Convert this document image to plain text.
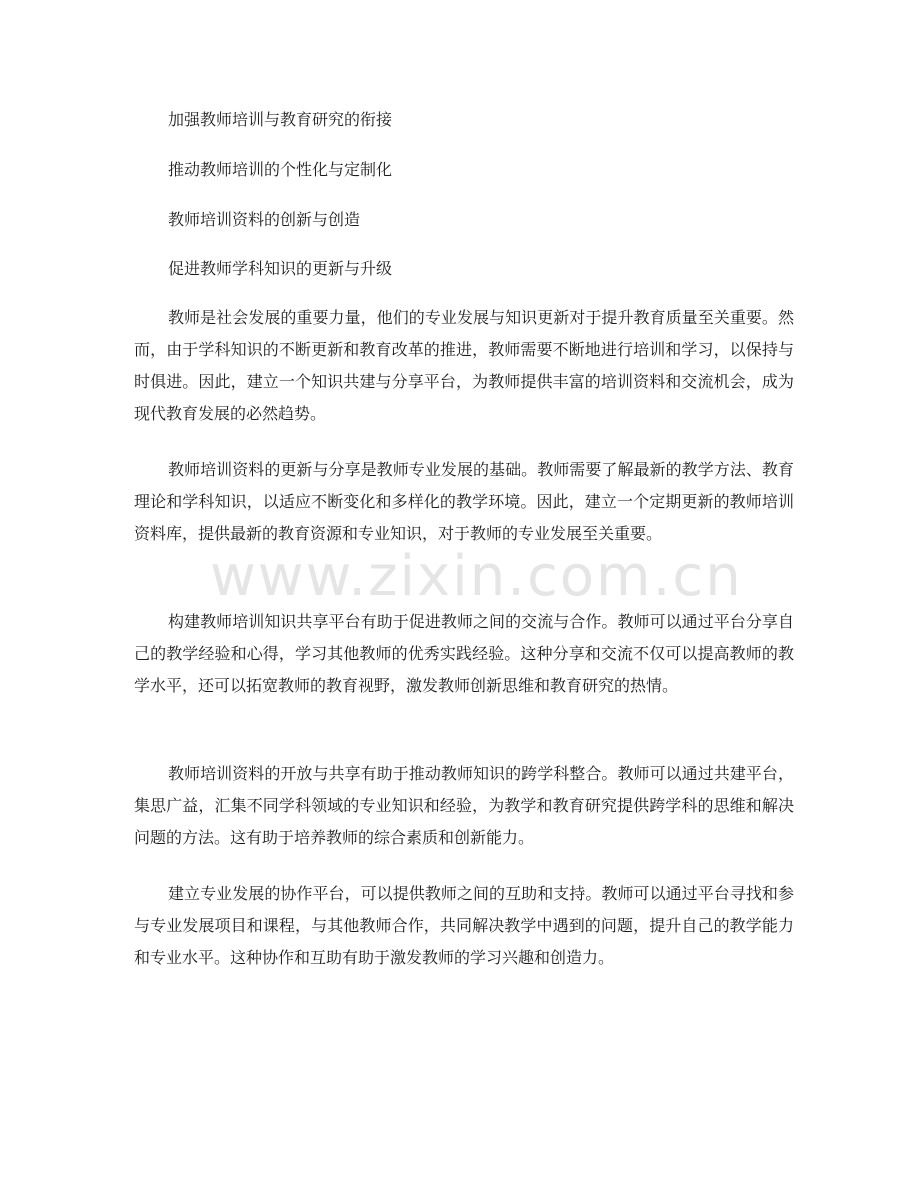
加强教师培训与教育研究的衔接
推动教师培训的个性化与定制化
教师培训资料的创新与创造
促进教师学科知识的更新与升级
教师是社会发展的重要力量，他们的专业发展与知识更新对于提升教育质量至关重要。然而，由于学科知识的不断更新和教育改革的推进，教师需要不断地进行培训和学习，以保持与时俱进。因此，建立一个知识共建与分享平台，为教师提供丰富的培训资料和交流机会，成为现代教育发展的必然趋势。
教师培训资料的更新与分享是教师专业发展的基础。教师需要了解最新的教学方法、教育理论和学科知识，以适应不断变化和多样化的教学环境。因此，建立一个定期更新的教师培训资料库，提供最新的教育资源和专业知识，对于教师的专业发展至关重要。
构建教师培训知识共享平台有助于促进教师之间的交流与合作。教师可以通过平台分享自己的教学经验和心得，学习其他教师的优秀实践经验。这种分享和交流不仅可以提高教师的教学水平，还可以拓宽教师的教育视野，激发教师创新思维和教育研究的热情。
教师培训资料的开放与共享有助于推动教师知识的跨学科整合。教师可以通过共建平台，集思广益，汇集不同学科领域的专业知识和经验，为教学和教育研究提供跨学科的思维和解决问题的方法。这有助于培养教师的综合素质和创新能力。
建立专业发展的协作平台，可以提供教师之间的互助和支持。教师可以通过平台寻找和参与专业发展项目和课程，与其他教师合作，共同解决教学中遇到的问题，提升自己的教学能力和专业水平。这种协作和互助有助于激发教师的学习兴趣和创造力。
www.zixin.com.cn
